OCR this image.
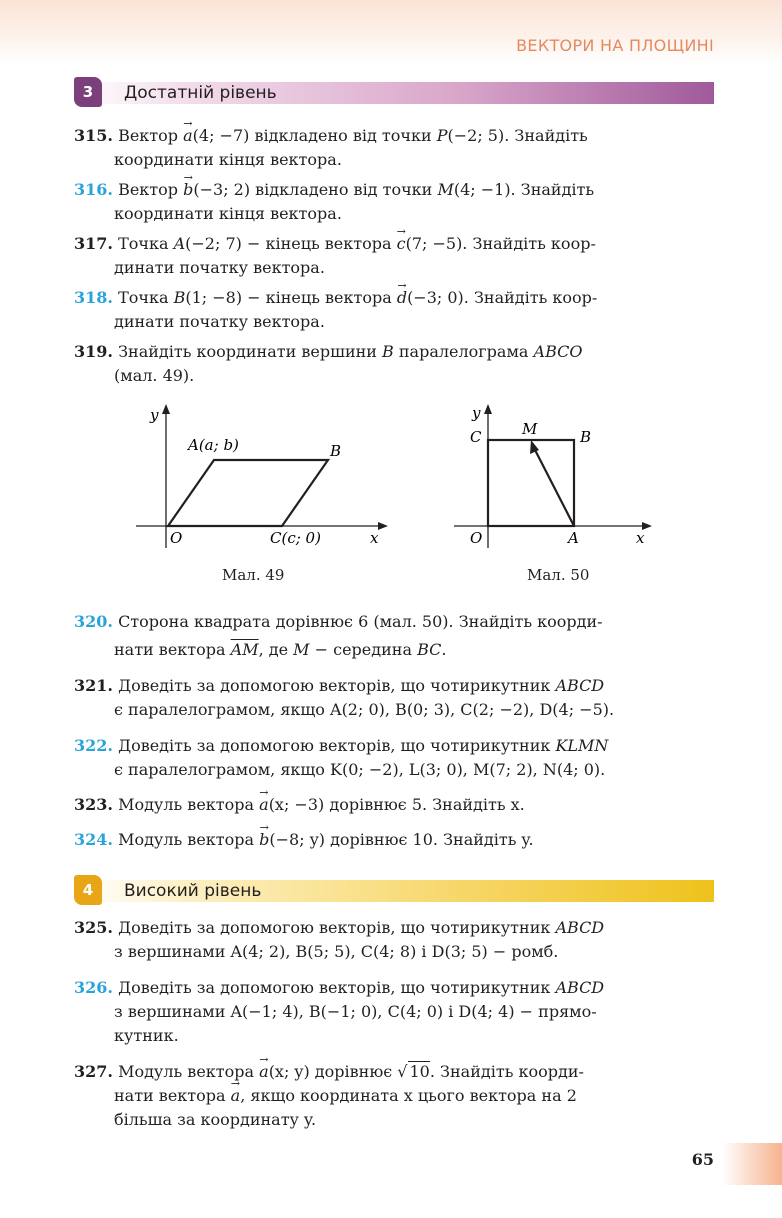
ВЕКТОРИ НА ПЛОЩИНІ
3	Достатній рівень
315. Вектор → a(4; −7) відкладено від точки P(−2; 5). Знайдіть
координати кінця вектора.
316. Вектор → b(−3; 2) відкладено від точки M(4; −1). Знайдіть
координати кінця вектора.
317. Точка A(−2; 7) − кінець вектора → c(7; −5). Знайдіть коор-
динати початку вектора.
318. Точка B(1; −8) − кінець вектора → d(−3; 0). Знайдіть коор-
динати початку вектора.
319. Знайдіть координати вершини B паралелограма ABCO
(мал. 49).
y
x
O
A(a; b)	B
C(c; 0)
Мал. 49
y
x
O
C	M	B
A
Мал. 50
320. Сторона квадрата дорівнює 6 (мал. 50). Знайдіть коорди-
нати вектора $\overline{AM}$, де M − середина BC.
321. Доведіть за допомогою векторів, що чотирикутник ABCD
є паралелограмом, якщо A(2; 0), B(0; 3), C(2; −2), D(4; −5).
322. Доведіть за допомогою векторів, що чотирикутник KLMN
є паралелограмом, якщо K(0; −2), L(3; 0), M(7; 2), N(4; 0).
323. Модуль вектора → a(x; −3) дорівнює 5. Знайдіть x.
324. Модуль вектора → b(−8; y) дорівнює 10. Знайдіть y.
4	Високий рівень
325. Доведіть за допомогою векторів, що чотирикутник ABCD
з вершинами A(4; 2), B(5; 5), C(4; 8) і D(3; 5) − ромб.
326. Доведіть за допомогою векторів, що чотирикутник ABCD
з вершинами A(−1; 4), B(−1; 0), C(4; 0) і D(4; 4) − прямо-
кутник.
327. Модуль вектора → a(x; y) дорівнює √ 10. Знайдіть коорди-
нати вектора → a, якщо координата x цього вектора на 2
більша за координату y.
65
